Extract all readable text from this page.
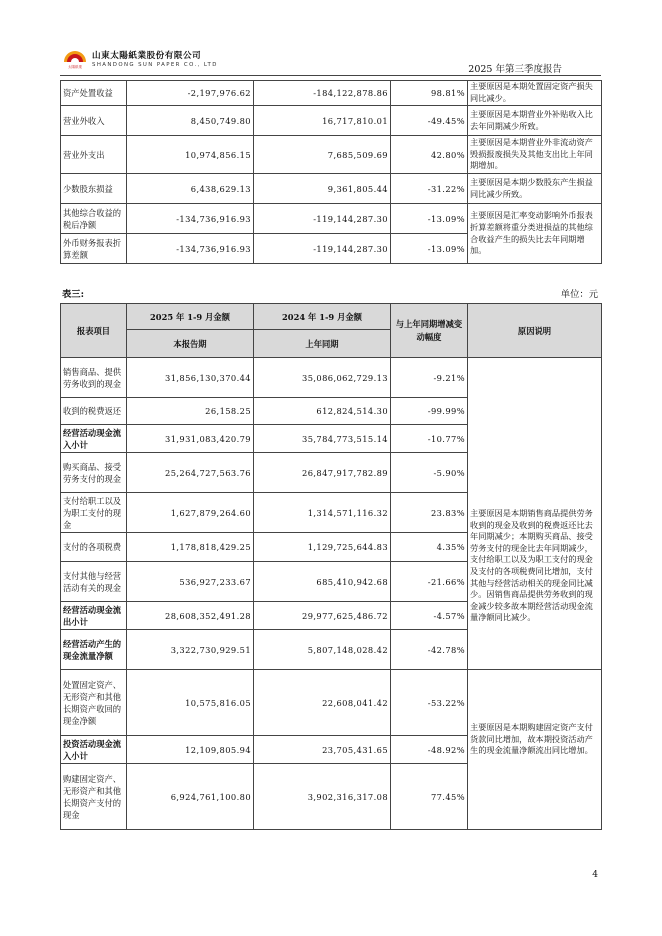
太陽紙業
山東太陽紙業股份有限公司
SHANDONG SUN PAPER CO., LTD	2025 年第三季度报告
资产处置收益	-2,197,976.62	-184,122,878.86	98.81%	主要原因是本期处置固定资产损失同比减少。
营业外收入	8,450,749.80	16,717,810.01	-49.45%	主要原因是本期营业外补贴收入比去年同期减少所致。
营业外支出	10,974,856.15	7,685,509.69	42.80%	主要原因是本期营业外非流动资产毁损报废损失及其他支出比上年同期增加。
少数股东损益	6,438,629.13	9,361,805.44	-31.22%	主要原因是本期少数股东产生损益同比减少所致。
其他综合收益的税后净额	-134,736,916.93	-119,144,287.30	-13.09%	主要原因是汇率变动影响外币报表折算差额将重分类进损益的其他综合收益产生的损失比去年同期增加。
外币财务报表折算差额	-134,736,916.93	-119,144,287.30	-13.09%	
表三:	单位：元
报表项目	2025 年 1-9 月金额	2024 年 1-9 月金额	与上年同期增减变动幅度	原因说明
	本报告期	上年同期		
销售商品、提供劳务收到的现金	31,856,130,370.44	35,086,062,729.13	-9.21%	主要原因是本期销售商品提供劳务收到的现金及收到的税费返还比去年同期减少；本期购买商品、接受劳务支付的现金比去年同期减少，支付给职工以及为职工支付的现金及支付的各项税费同比增加，支付其他与经营活动相关的现金同比减少。因销售商品提供劳务收到的现金减少较多故本期经营活动现金流量净额同比减少。
收到的税费返还	26,158.25	612,824,514.30	-99.99%	
经营活动现金流入小计	31,931,083,420.79	35,784,773,515.14	-10.77%	
购买商品、接受劳务支付的现金	25,264,727,563.76	26,847,917,782.89	-5.90%	
支付给职工以及为职工支付的现金	1,627,879,264.60	1,314,571,116.32	23.83%	
支付的各项税费	1,178,818,429.25	1,129,725,644.83	4.35%	
支付其他与经营活动有关的现金	536,927,233.67	685,410,942.68	-21.66%	
经营活动现金流出小计	28,608,352,491.28	29,977,625,486.72	-4.57%	
经营活动产生的现金流量净额	3,322,730,929.51	5,807,148,028.42	-42.78%	
处置固定资产、无形资产和其他长期资产收回的现金净额	10,575,816.05	22,608,041.42	-53.22%	主要原因是本期购建固定资产支付货款同比增加，故本期投资活动产生的现金流量净额流出同比增加。
投资活动现金流入小计	12,109,805.94	23,705,431.65	-48.92%	
购建固定资产、无形资产和其他长期资产支付的现金	6,924,761,100.80	3,902,316,317.08	77.45%	
4
